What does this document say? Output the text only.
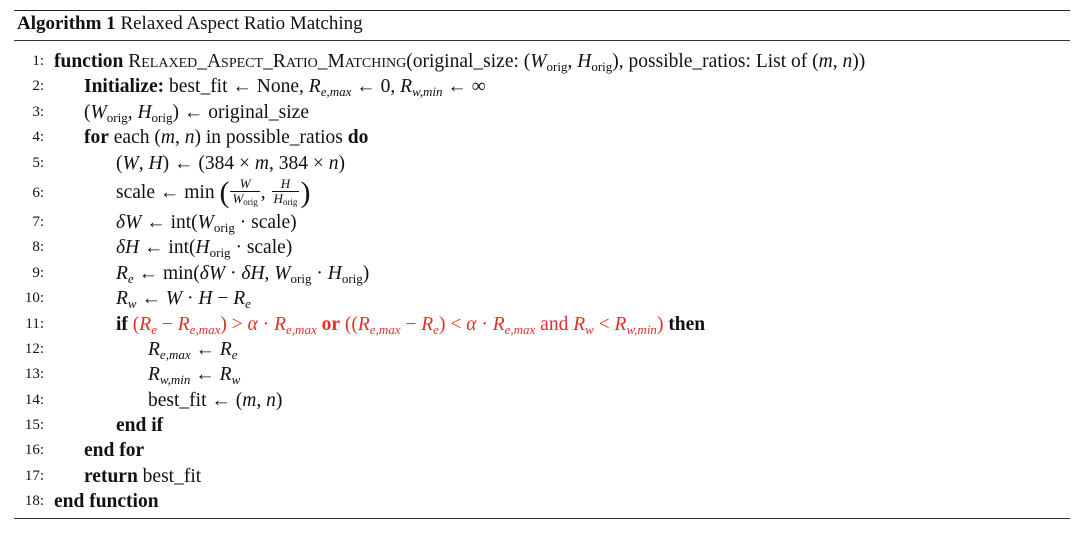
Algorithm 1 Relaxed Aspect Ratio Matching
1: function Relaxed_Aspect_Ratio_Matching(original_size: ($W_{orig}$, $H_{orig}$), possible_ratios: List of (m, n))
2: Initialize: best_fit ← None, $R_{e,max}$ ← 0, $R_{w,min}$ ← ∞
3: ($W_{orig}$, $H_{orig}$) ← original_size
4: for each (m, n) in possible_ratios do
5:	(W, H) ← (384 × m, 384 × n)
6:	scale ← min ( $\frac{W}{W_{orig}}$ , $\frac{H}{H_{orig}}$ )
7:	δW ← $int(W_{orig}$ · scale)
8:	δH ← $int(H_{orig}$ · scale)
9:	$R_e$ ← min(δW · δH, $W_{orig} \cdot H_{orig}$)
10:	$R_w$ ← $W \cdot H - R_e$
11:	if $(R_e - R_{e,max}) > \alpha \cdot R_{e,max}$ or ($(R_{e,max} - R_e) < \alpha \cdot R_{e,max}$ and $R_w < R_{w,min}$) then
12:	$R_{e,max}$ ← $R_e$
13:	$R_{w,min}$ ← $R_w$
14:	best_fit ← (m, n)
15:	end if
16: end for
17: return best_fit
18: end function
